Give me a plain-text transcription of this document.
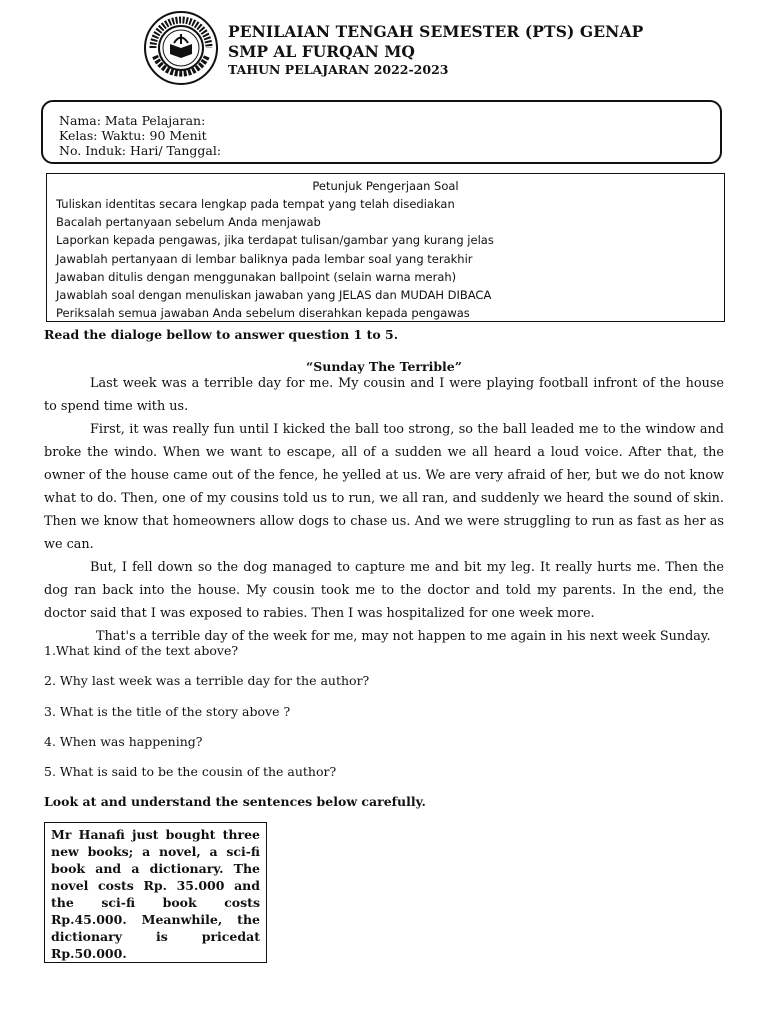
PENILAIAN TENGAH SEMESTER (PTS) GENAP
SMP AL FURQAN MQ
TAHUN PELAJARAN 2022-2023
Nama: Mata Pelajaran:
Kelas: Waktu: 90 Menit
No. Induk: Hari/ Tanggal:
Petunjuk Pengerjaan Soal
Tuliskan identitas secara lengkap pada tempat yang telah disediakan
Bacalah pertanyaan sebelum Anda menjawab
Laporkan kepada pengawas, jika terdapat tulisan/gambar yang kurang jelas
Jawablah pertanyaan di lembar baliknya pada lembar soal yang terakhir
Jawaban ditulis dengan menggunakan ballpoint (selain warna merah)
Jawablah soal dengan menuliskan jawaban yang JELAS dan MUDAH DIBACA
Periksalah semua jawaban Anda sebelum diserahkan kepada pengawas
Read the dialoge bellow to answer question 1 to 5.
“Sunday The Terrible”

Last week was a terrible day for me. My cousin and I were playing football infront of the house to spend time with us.

First, it was really fun until I kicked the ball too strong, so the ball leaded me to the window and broke the windo. When we want to escape, all of a sudden we all heard a loud voice. After that, the owner of the house came out of the fence, he yelled at us. We are very afraid of her, but we do not know what to do. Then, one of my cousins told us to run, we all ran, and suddenly we heard the sound of skin. Then we know that homeowners allow dogs to chase us. And we were struggling to run as fast as her as we can.

But, I fell down so the dog managed to capture me and bit my leg. It really hurts me. Then the dog ran back into the house. My cousin took me to the doctor and told my parents. In the end, the doctor said that I was exposed to rabies. Then I was hospitalized for one week more.

That's a terrible day of the week for me, may not happen to me again in his next week Sunday.

1.What kind of the text above?
2. Why last week was a terrible day for the author?
3. What is the title of the story above ?
4. When was happening?
5. What is said to be the cousin of the author?
Look at and understand the sentences below carefully.
Mr Hanafi just bought three new books; a novel, a sci-fi book and a dictionary. The novel costs Rp. 35.000 and the sci-fi book costs Rp.45.000. Meanwhile, the dictionary is pricedat Rp.50.000.
